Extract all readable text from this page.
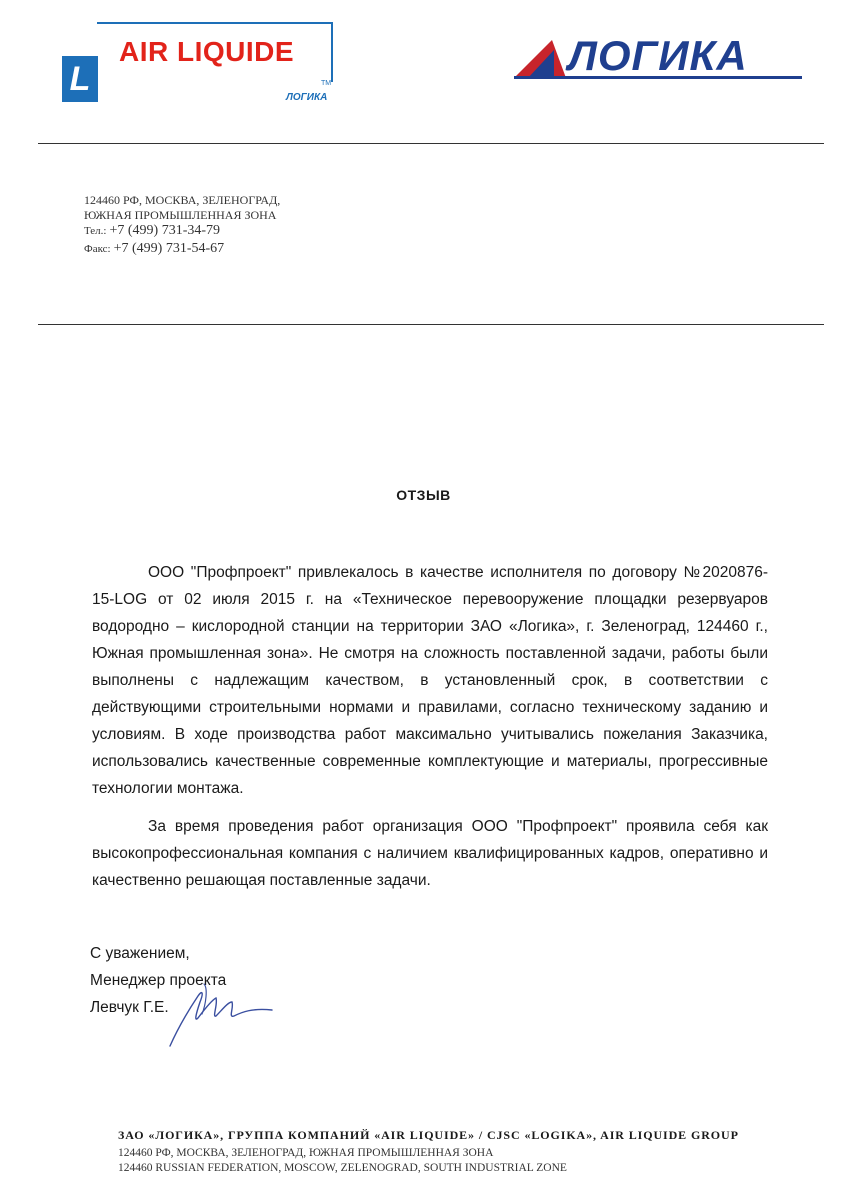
L
AIR LIQUIDE
TM
ЛОГИКА
ЛОГИКА
124460 РФ, МОСКВА, ЗЕЛЕНОГРАД,
ЮЖНАЯ ПРОМЫШЛЕННАЯ ЗОНА
Тел.: +7 (499) 731-34-79
Факс: +7 (499) 731-54-67
ОТЗЫВ
ООО "Профпроект" привлекалось в качестве исполнителя по договору №2020876-15-LOG от 02 июля 2015 г. на «Техническое перевооружение площадки резервуаров водородно – кислородной станции на территории ЗАО «Логика», г. Зеленоград, 124460 г., Южная промышленная зона». Не смотря на сложность поставленной задачи, работы были выполнены с надлежащим качеством, в установленный срок, в соответствии с действующими строительными нормами и правилами, согласно техническому заданию и условиям. В ходе производства работ максимально учитывались пожелания Заказчика, использовались качественные современные комплектующие и материалы, прогрессивные технологии монтажа.
За время проведения работ организация ООО "Профпроект" проявила себя как высокопрофессиональная компания с наличием квалифицированных кадров, оперативно и качественно решающая поставленные задачи.
С уважением,
Менеджер проекта
Левчук Г.Е.
ЗАО «ЛОГИКА», ГРУППА КОМПАНИЙ «AIR LIQUIDE» / CJSC «LOGIKA», AIR LIQUIDE GROUP
124460 РФ, МОСКВА, ЗЕЛЕНОГРАД, ЮЖНАЯ ПРОМЫШЛЕННАЯ ЗОНА
124460 RUSSIAN FEDERATION, MOSCOW, ZELENOGRAD, SOUTH INDUSTRIAL ZONE
